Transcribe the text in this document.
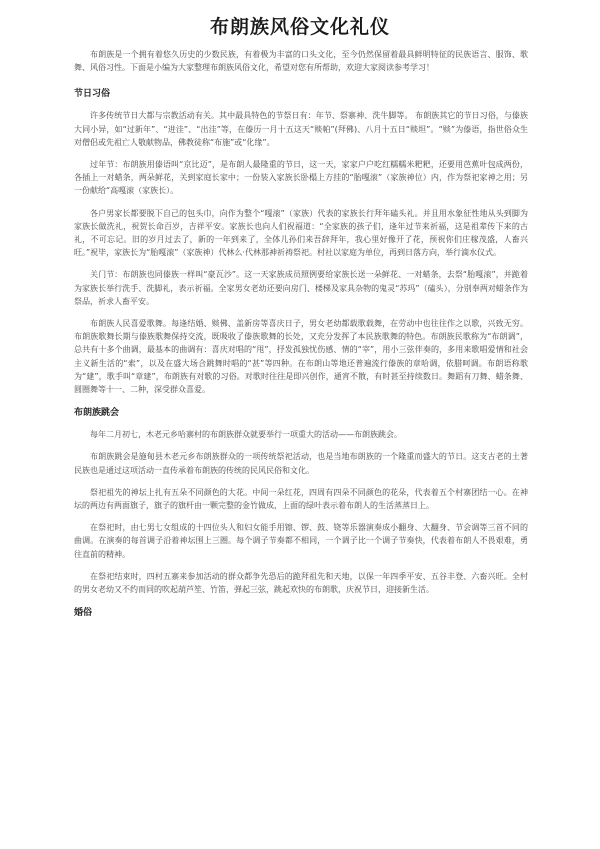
布朗族风俗文化礼仪

布朗族是一个拥有着悠久历史的少数民族，有着极为丰富的口头文化，至今仍然保留着最具鲜明特征的民族语言、服饰、歌舞、风俗习性。下面是小编为大家整理布朗族风俗文化，希望对您有所帮助，欢迎大家阅读参考学习！

节日习俗

许多传统节日大都与宗教活动有关。其中最具特色的节祭日有：年节、祭寨神、洗牛脚等。 布朗族其它的节日习俗，与傣族大同小异，如“过新年”、“进洼”、“出洼”等，在傣历一月十五这天“赕帕”(拜佛)、八月十五日“赕坦”。“赕”为傣语，指世俗众生对僧侣或先祖亡人敬献物品，佛教徒称“布施”或“化缘”。

过年节：布朗族用傣语叫“京比迈”，是布朗人最隆重的节日，这一天，家家户户吃红糯糯米粑粑，还要用芭蕉叶包成两份，各插上一对蜡条，两朵鲜花，关到家庭长家中；一份装入家族长卧榻上方挂的“胎嘎滚”（家族神位）内，作为祭祀家神之用；另一份献给“高嘎滚（家族长）。

各户男家长都要脱下自己的包头巾，向作为整个“嘎滚”（家族）代表的家族长行拜年磕头礼。并且用水象征性地从头到脚为家族长做洗礼，祝贺长命百岁，吉祥平安。家族长也向人们祝福道：“全家族的孩子们，逢年过节来祈福，这是祖辈传下来的古礼，不可忘记。旧的岁月过去了，新的一年到来了，全体儿孙们来吾辞拜年，我心里好像开了花，预祝你们庄稼茂盛，人畜兴旺。”祝毕，家族长为“胎嘎滚”（家族神）代林么·代林那神祈祷祭祀。村社以家庭为单位，再到日落方向，举行滴水仪式。

关门节：布朗族也同傣族一样叫“豪瓦沙”。这一天家族成员照例要给家族长送一朵鲜花、一对蜡条，去祭“胎嘎滚”，并跪着为家族长举行洗手、洗脚礼，表示祈福。全家男女老幼还要向房门、楼梯及家具杂物的鬼灵“苏玛”（磕头），分别奉两对蜡条作为祭品，祈求人畜平安。

布朗族人民喜爱歌舞。每逢结婚、赕佛、盖新房等喜庆日子，男女老幼都载歌载舞，在劳动中也往往作之以歌，兴致无穷。 布朗族歌舞长期与傣族歌舞保持交流，既吸收了傣族歌舞的长处，又充分发挥了本民族歌舞的特色。布朗族民歌称为“布朗调”，总共有十多个曲调，最基本的曲调有：喜庆对唱的“甩”，抒发孤独忧伤感、情的“宰”，用小三弦伴奏的，多用来歌唱爱情和社会主义新生活的“索”，以及在盛大场合跳舞时唱的“甚”等四种。在布朗山等地还普遍流行傣族的章哈调，依腊呵调。布朗语称歌为“建”，歌手叫“章建”，布朗族有对歌的习俗。对歌时往往是即兴创作，通宵不散，有时甚至持续数日。舞蹈有刀舞、蜡条舞、圆圈舞等十一、二种，深受群众喜爱。

布朗族跳会

每年二月初七，木老元乡哈寨村的布朗族群众就要举行一项重大的活动——布朗族跳会。

布朗族跳会是施甸县木老元乡布朗族群众的一项传统祭祀活动，也是当地布朗族的一个隆重而盛大的节日。这支古老的土著民族也是通过这项活动一直传承着布朗族的传统的民风民俗和文化。

祭祀祖先的神坛上扎有五朵不同颜色的大花。中间一朵红花，四周有四朵不同颜色的花朵，代表着五个村寨团结一心。在神坛的两边有两面旗子，旗子的旗杆由一颗完整的金竹做成，上面的绿叶表示着布朗人的生活蒸蒸日上。

在祭祀时，由七男七女组成的十四位头人和妇女能手用镲、锣、鼓、铙等乐器演奏成小翻身、大翻身、节会调等三首不同的曲调。在演奏的每首调子沿着神坛围上三圈。每个调子节奏都不相同，一个调子比一个调子节奏快，代表着布朗人不畏艰难，勇往直前的精神。

在祭祀结束时，四村五寨来参加活动的群众都争先恐后的跪拜祖先和天地，以保一年四季平安、五谷丰登、六畜兴旺。全村的男女老幼又不约而同的吹起葫芦笙、竹笛，弹起三弦，跳起欢快的布朗歌，庆祝节日，迎接新生活。

婚俗
